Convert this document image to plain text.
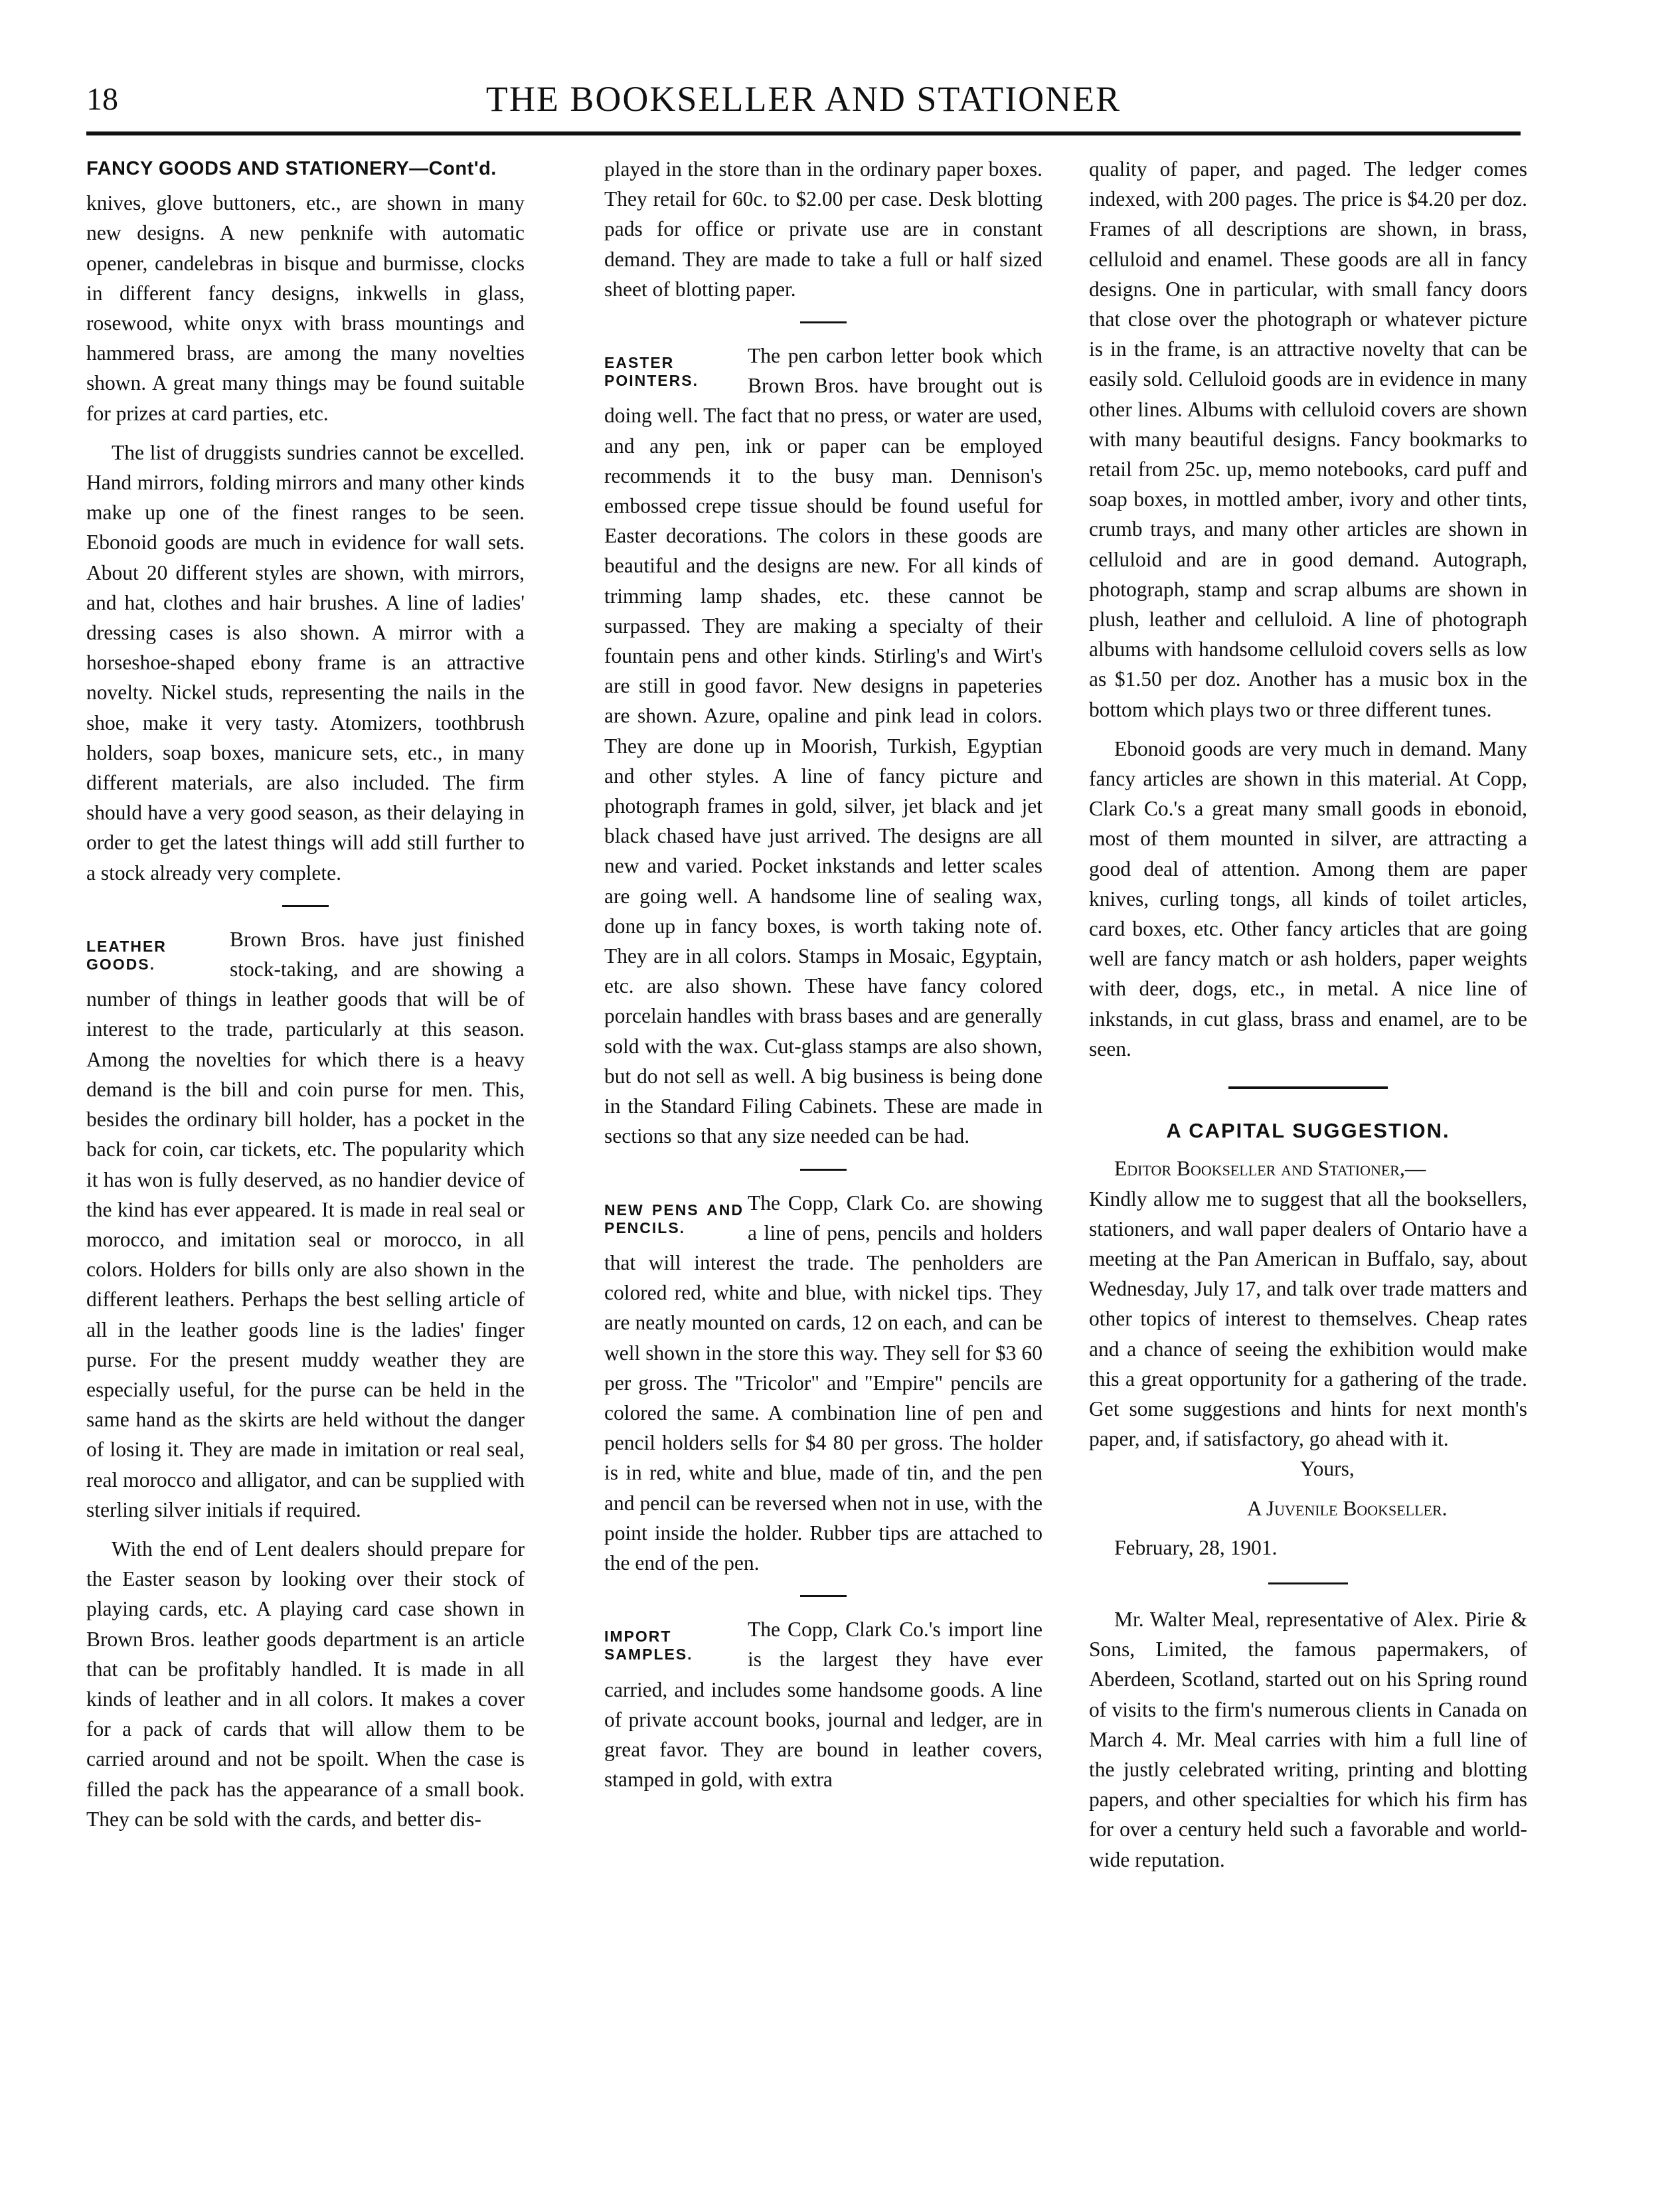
18	THE BOOKSELLER AND STATIONER
FANCY GOODS AND STATIONERY—Cont'd.

knives, glove buttoners, etc., are shown in many new designs. A new penknife with automatic opener, candelebras in bisque and burmisse, clocks in different fancy designs, inkwells in glass, rosewood, white onyx with brass mountings and hammered brass, are among the many novelties shown. A great many things may be found suitable for prizes at card parties, etc.

The list of druggists sundries cannot be excelled. Hand mirrors, folding mirrors and many other kinds make up one of the finest ranges to be seen. Ebonoid goods are much in evidence for wall sets. About 20 different styles are shown, with mirrors, and hat, clothes and hair brushes. A line of ladies' dressing cases is also shown. A mirror with a horseshoe-shaped ebony frame is an attractive novelty. Nickel studs, representing the nails in the shoe, make it very tasty. Atomizers, toothbrush holders, soap boxes, manicure sets, etc., in many different materials, are also included. The firm should have a very good season, as their delaying in order to get the latest things will add still further to a stock already very complete.

LEATHER GOODS.

Brown Bros. have just finished stock-taking, and are showing a number of things in leather goods that will be of interest to the trade, particularly at this season. Among the novelties for which there is a heavy demand is the bill and coin purse for men. This, besides the ordinary bill holder, has a pocket in the back for coin, car tickets, etc. The popularity which it has won is fully deserved, as no handier device of the kind has ever appeared. It is made in real seal or morocco, and imitation seal or morocco, in all colors. Holders for bills only are also shown in the different leathers. Perhaps the best selling article of all in the leather goods line is the ladies' finger purse. For the present muddy weather they are especially useful, for the purse can be held in the same hand as the skirts are held without the danger of losing it. They are made in imitation or real seal, real morocco and alligator, and can be supplied with sterling silver initials if required.

With the end of Lent dealers should prepare for the Easter season by looking over their stock of playing cards, etc. A playing card case shown in Brown Bros. leather goods department is an article that can be profitably handled. It is made in all kinds of leather and in all colors. It makes a cover for a pack of cards that will allow them to be carried around and not be spoilt. When the case is filled the pack has the appearance of a small book. They can be sold with the cards, and better dis-

played in the store than in the ordinary paper boxes. They retail for 60c. to $2.00 per case. Desk blotting pads for office or private use are in constant demand. They are made to take a full or half sized sheet of blotting paper.

EASTER POINTERS.

The pen carbon letter book which Brown Bros. have brought out is doing well. The fact that no press, or water are used, and any pen, ink or paper can be employed recommends it to the busy man. Dennison's embossed crepe tissue should be found useful for Easter decorations. The colors in these goods are beautiful and the designs are new. For all kinds of trimming lamp shades, etc. these cannot be surpassed. They are making a specialty of their fountain pens and other kinds. Stirling's and Wirt's are still in good favor. New designs in papeteries are shown. Azure, opaline and pink lead in colors. They are done up in Moorish, Turkish, Egyptian and other styles. A line of fancy picture and photograph frames in gold, silver, jet black and jet black chased have just arrived. The designs are all new and varied. Pocket inkstands and letter scales are going well. A handsome line of sealing wax, done up in fancy boxes, is worth taking note of. They are in all colors. Stamps in Mosaic, Egyptain, etc. are also shown. These have fancy colored porcelain handles with brass bases and are generally sold with the wax. Cut-glass stamps are also shown, but do not sell as well. A big business is being done in the Standard Filing Cabinets. These are made in sections so that any size needed can be had.

NEW PENS AND PENCILS.

The Copp, Clark Co. are showing a line of pens, pencils and holders that will interest the trade. The penholders are colored red, white and blue, with nickel tips. They are neatly mounted on cards, 12 on each, and can be well shown in the store this way. They sell for $3 60 per gross. The "Tricolor" and "Empire" pencils are colored the same. A combination line of pen and pencil holders sells for $4 80 per gross. The holder is in red, white and blue, made of tin, and the pen and pencil can be reversed when not in use, with the point inside the holder. Rubber tips are attached to the end of the pen.

IMPORT SAMPLES.

The Copp, Clark Co.'s import line is the largest they have ever carried, and includes some handsome goods. A line of private account books, journal and ledger, are in great favor. They are bound in leather covers, stamped in gold, with extra

quality of paper, and paged. The ledger comes indexed, with 200 pages. The price is $4.20 per doz. Frames of all descriptions are shown, in brass, celluloid and enamel. These goods are all in fancy designs. One in particular, with small fancy doors that close over the photograph or whatever picture is in the frame, is an attractive novelty that can be easily sold. Celluloid goods are in evidence in many other lines. Albums with celluloid covers are shown with many beautiful designs. Fancy bookmarks to retail from 25c. up, memo notebooks, card puff and soap boxes, in mottled amber, ivory and other tints, crumb trays, and many other articles are shown in celluloid and are in good demand. Autograph, photograph, stamp and scrap albums are shown in plush, leather and celluloid. A line of photograph albums with handsome celluloid covers sells as low as $1.50 per doz. Another has a music box in the bottom which plays two or three different tunes.

Ebonoid goods are very much in demand. Many fancy articles are shown in this material. At Copp, Clark Co.'s a great many small goods in ebonoid, most of them mounted in silver, are attracting a good deal of attention. Among them are paper knives, curling tongs, all kinds of toilet articles, card boxes, etc. Other fancy articles that are going well are fancy match or ash holders, paper weights with deer, dogs, etc., in metal. A nice line of inkstands, in cut glass, brass and enamel, are to be seen.

A CAPITAL SUGGESTION.

Editor Bookseller and Stationer,—

Kindly allow me to suggest that all the booksellers, stationers, and wall paper dealers of Ontario have a meeting at the Pan American in Buffalo, say, about Wednesday, July 17, and talk over trade matters and other topics of interest to themselves. Cheap rates and a chance of seeing the exhibition would make this a great opportunity for a gathering of the trade. Get some suggestions and hints for next month's paper, and, if satisfactory, go ahead with it.

Yours,

A Juvenile Bookseller.

February, 28, 1901.

Mr. Walter Meal, representative of Alex. Pirie & Sons, Limited, the famous papermakers, of Aberdeen, Scotland, started out on his Spring round of visits to the firm's numerous clients in Canada on March 4. Mr. Meal carries with him a full line of the justly celebrated writing, printing and blotting papers, and other specialties for which his firm has for over a century held such a favorable and world-wide reputation.
